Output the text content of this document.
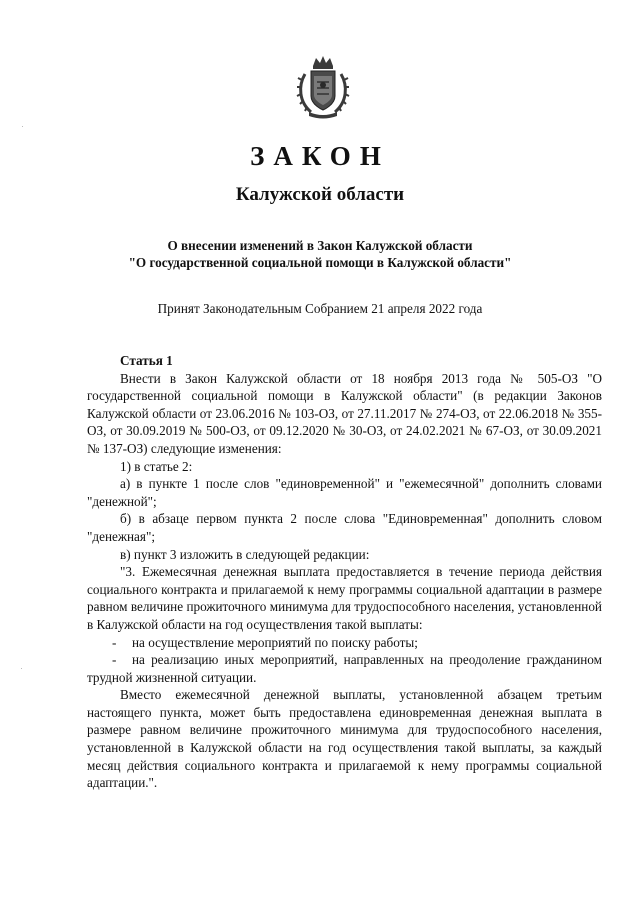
ЗАКОН
Калужской области
О внесении изменений в Закон Калужской области
"О государственной социальной помощи в Калужской области"
Принят Законодательным Собранием 21 апреля 2022 года

Статья 1

Внести в Закон Калужской области от 18 ноября 2013 года № 505-ОЗ "О государственной социальной помощи в Калужской области" (в редакции Законов Калужской области от 23.06.2016 № 103-ОЗ, от 27.11.2017 № 274-ОЗ, от 22.06.2018 № 355-ОЗ, от 30.09.2019 № 500-ОЗ, от 09.12.2020 № 30-ОЗ, от 24.02.2021 № 67-ОЗ, от 30.09.2021 № 137-ОЗ) следующие изменения:

1) в статье 2:

а) в пункте 1 после слов "единовременной" и "ежемесячной" дополнить словами "денежной";

б) в абзаце первом пункта 2 после слова "Единовременная" дополнить словом "денежная";

в) пункт 3 изложить в следующей редакции:

"3. Ежемесячная денежная выплата предоставляется в течение периода действия социального контракта и прилагаемой к нему программы социальной адаптации в размере равном величине прожиточного минимума для трудоспособного населения, установленной в Калужской области на год осуществления такой выплаты:

- на осуществление мероприятий по поиску работы;

- на реализацию иных мероприятий, направленных на преодоление гражданином трудной жизненной ситуации.

Вместо ежемесячной денежной выплаты, установленной абзацем третьим настоящего пункта, может быть предоставлена единовременная денежная выплата в размере равном величине прожиточного минимума для трудоспособного населения, установленной в Калужской области на год осуществления такой выплаты, за каждый месяц действия социального контракта и прилагаемой к нему программы социальной адаптации.".
